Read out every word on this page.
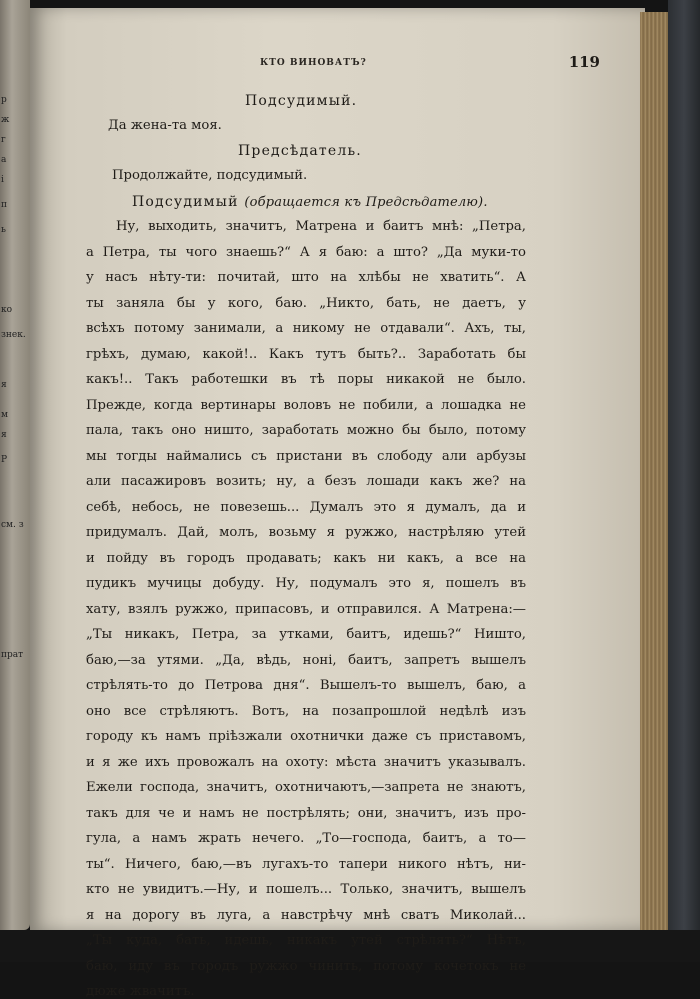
р
ж
г
а
і
п
ь
ко
знек.
я
м
я
Р
см. з
прат
КТО ВИНОВАТЪ?	119
Подсудимый.
Да жена-та моя.
Предсѣдатель.
Продолжайте, подсудимый.
Подсудимый (обращается къ Предсѣдателю).
Ну, выходить, значитъ, Матрена и баитъ мнѣ: „Петра,
а Петра, ты чого знаешь?“ А я баю: а што? „Да муки-то
у насъ нѣту-ти: почитай, што на хлѣбы не хватить“. А
ты заняла бы у кого, баю. „Никто, бать, не даетъ, у
всѣхъ потому занимали, а никому не отдавали“. Ахъ, ты,
грѣхъ, думаю, какой!.. Какъ тутъ быть?.. Заработать бы
какъ!.. Такъ работешки въ тѣ поры никакой не было.
Прежде, когда вертинары воловъ не побили, а лошадка не
пала, такъ оно ништо, заработать можно бы было, потому
мы тогды наймались съ пристани въ слободу али арбузы
али пасажировъ возить; ну, а безъ лошади какъ же? на
себѣ, небось, не повезешь... Думалъ это я думалъ, да и
придумалъ. Дай, молъ, возьму я ружжо, настрѣляю утей
и пойду въ городъ продавать; какъ ни какъ, а все на
пудикъ мучицы добуду. Ну, подумалъ это я, пошелъ въ
хату, взялъ ружжо, припасовъ, и отправился. А Матрена:—
„Ты никакъ, Петра, за утками, баитъ, идешь?“ Ништо,
баю,—за утями. „Да, вѣдь, ноні, баитъ, запретъ вышелъ
стрѣлять-то до Петрова дня“. Вышелъ-то вышелъ, баю, а
оно все стрѣляютъ. Вотъ, на позапрошлой недѣлѣ изъ
городу къ намъ пріѣзжали охотнички даже съ приставомъ,
и я же ихъ провожалъ на охоту: мѣста значитъ указывалъ.
Ежели господа, значитъ, охотничаютъ,—запрета не знаютъ,
такъ для че и намъ не пострѣлять; они, значитъ, изъ про-
гула, а намъ жрать нечего. „То—господа, баитъ, а то—
ты“. Ничего, баю,—въ лугахъ-то тапери никого нѣтъ, ни-
кто не увидитъ.—Ну, и пошелъ... Только, значитъ, вышелъ
я на дорогу въ луга, а навстрѣчу мнѣ сватъ Миколай...
„Ты куда, бать, идешь, никакъ утей стрѣлять?“ Нѣтъ,
баю, иду въ городъ ружжо чинить, потому кочетокъ не
дюже жвачитъ.
